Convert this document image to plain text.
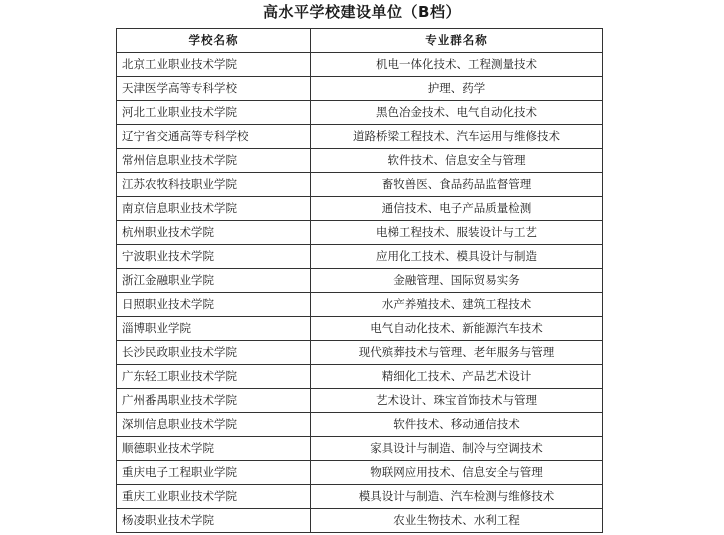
高水平学校建设单位（B档）
学校名称	专业群名称
北京工业职业技术学院	机电一体化技术、工程测量技术
天津医学高等专科学校	护理、药学
河北工业职业技术学院	黑色冶金技术、电气自动化技术
辽宁省交通高等专科学校	道路桥梁工程技术、汽车运用与维修技术
常州信息职业技术学院	软件技术、信息安全与管理
江苏农牧科技职业学院	畜牧兽医、食品药品监督管理
南京信息职业技术学院	通信技术、电子产品质量检测
杭州职业技术学院	电梯工程技术、服装设计与工艺
宁波职业技术学院	应用化工技术、模具设计与制造
浙江金融职业学院	金融管理、国际贸易实务
日照职业技术学院	水产养殖技术、建筑工程技术
淄博职业学院	电气自动化技术、新能源汽车技术
长沙民政职业技术学院	现代殡葬技术与管理、老年服务与管理
广东轻工职业技术学院	精细化工技术、产品艺术设计
广州番禺职业技术学院	艺术设计、珠宝首饰技术与管理
深圳信息职业技术学院	软件技术、移动通信技术
顺德职业技术学院	家具设计与制造、制冷与空调技术
重庆电子工程职业学院	物联网应用技术、信息安全与管理
重庆工业职业技术学院	模具设计与制造、汽车检测与维修技术
杨凌职业技术学院	农业生物技术、水利工程
